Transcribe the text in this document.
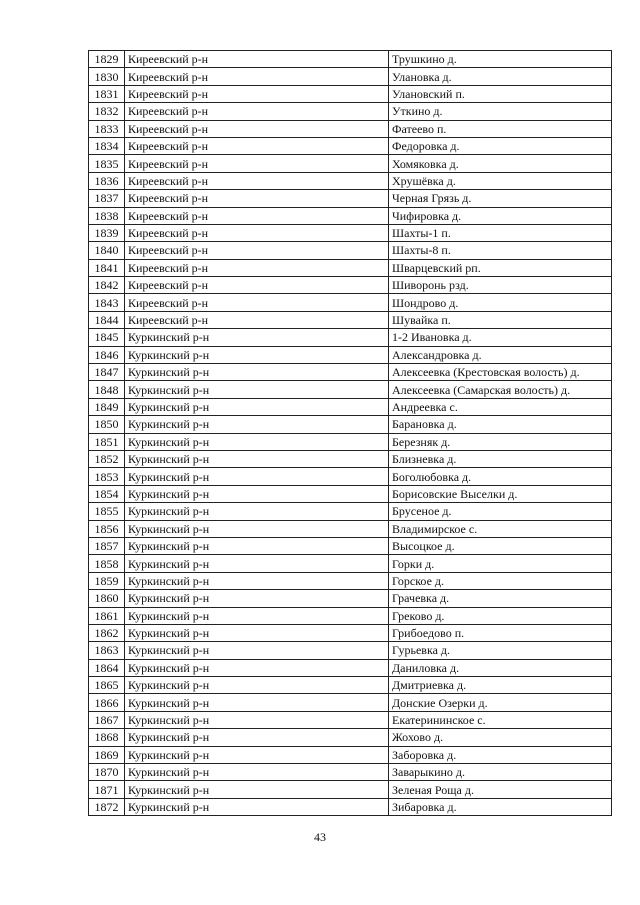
1829	Киреевский р-н	Трушкино д.
1830	Киреевский р-н	Улановка д.
1831	Киреевский р-н	Улановский п.
1832	Киреевский р-н	Уткино д.
1833	Киреевский р-н	Фатеево п.
1834	Киреевский р-н	Федоровка д.
1835	Киреевский р-н	Хомяковка д.
1836	Киреевский р-н	Хрушёвка д.
1837	Киреевский р-н	Черная Грязь д.
1838	Киреевский р-н	Чифировка д.
1839	Киреевский р-н	Шахты-1 п.
1840	Киреевский р-н	Шахты-8 п.
1841	Киреевский р-н	Шварцевский рп.
1842	Киреевский р-н	Шиворонь рзд.
1843	Киреевский р-н	Шондрово д.
1844	Киреевский р-н	Шувайка п.
1845	Куркинский р-н	1-2 Ивановка д.
1846	Куркинский р-н	Александровка д.
1847	Куркинский р-н	Алексеевка (Крестовская волость) д.
1848	Куркинский р-н	Алексеевка (Самарская волость) д.
1849	Куркинский р-н	Андреевка с.
1850	Куркинский р-н	Барановка д.
1851	Куркинский р-н	Березняк д.
1852	Куркинский р-н	Близневка д.
1853	Куркинский р-н	Боголюбовка д.
1854	Куркинский р-н	Борисовские Выселки д.
1855	Куркинский р-н	Брусеное д.
1856	Куркинский р-н	Владимирское с.
1857	Куркинский р-н	Высоцкое д.
1858	Куркинский р-н	Горки д.
1859	Куркинский р-н	Горское д.
1860	Куркинский р-н	Грачевка д.
1861	Куркинский р-н	Греково д.
1862	Куркинский р-н	Грибоедово п.
1863	Куркинский р-н	Гурьевка д.
1864	Куркинский р-н	Даниловка д.
1865	Куркинский р-н	Дмитриевка д.
1866	Куркинский р-н	Донские Озерки д.
1867	Куркинский р-н	Екатерининское с.
1868	Куркинский р-н	Жохово д.
1869	Куркинский р-н	Заборовка д.
1870	Куркинский р-н	Заварыкино д.
1871	Куркинский р-н	Зеленая Роща д.
1872	Куркинский р-н	Зибаровка д.
43
